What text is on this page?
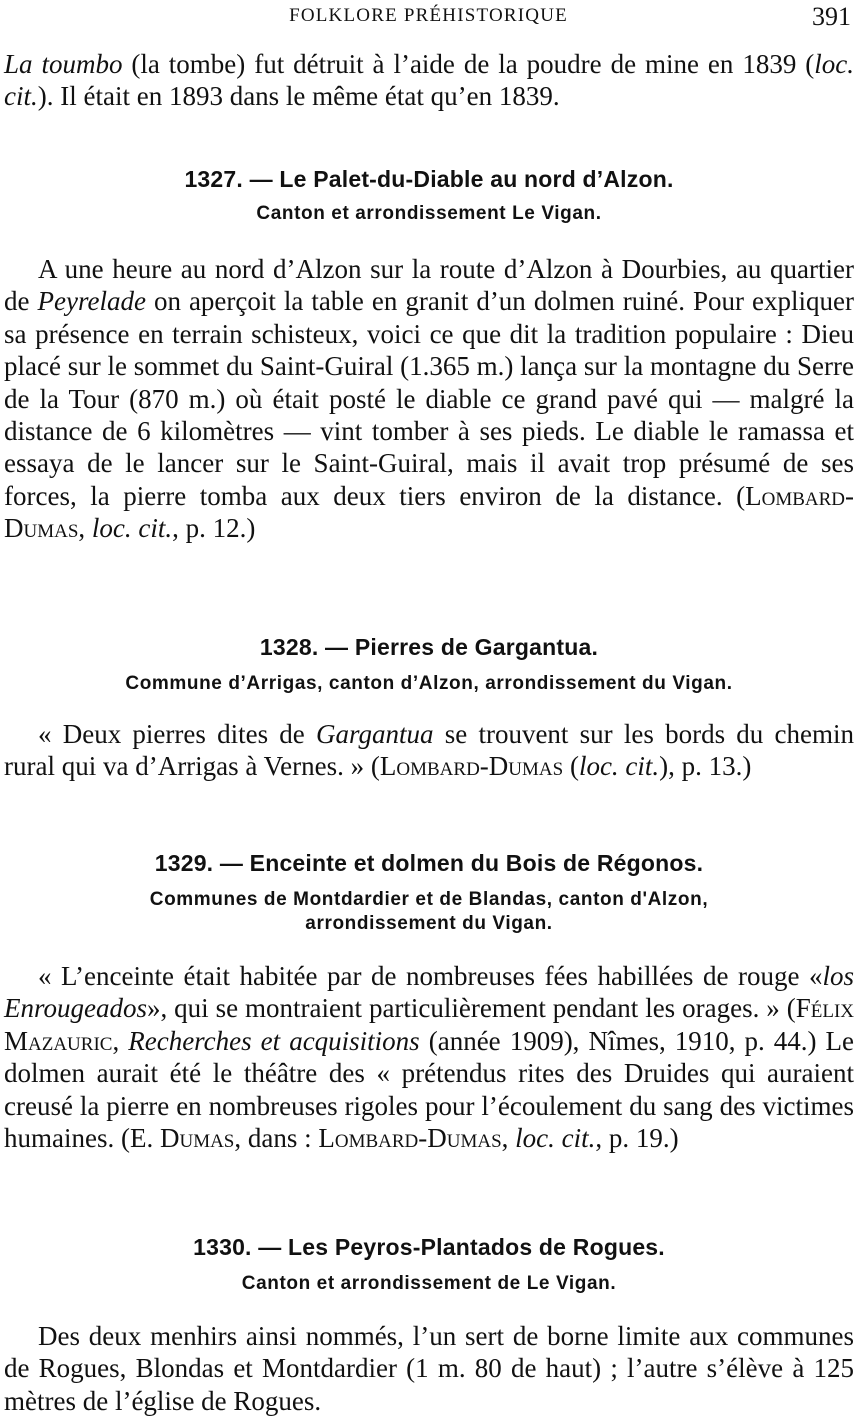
FOLKLORE PRÉHISTORIQUE	391

La toumbo (la tombe) fut détruit à l’aide de la poudre de mine en 1839 (loc. cit.). Il était en 1893 dans le même état qu’en 1839.

1327. — Le Palet-du-Diable au nord d’Alzon.

Canton et arrondissement Le Vigan.

A une heure au nord d’Alzon sur la route d’Alzon à Dourbies, au quartier de Peyrelade on aperçoit la table en granit d’un dolmen ruiné. Pour expliquer sa présence en terrain schisteux, voici ce que dit la tradition populaire : Dieu placé sur le sommet du Saint-Guiral (1.365 m.) lança sur la montagne du Serre de la Tour (870 m.) où était posté le diable ce grand pavé qui — malgré la distance de 6 kilomètres — vint tomber à ses pieds. Le diable le ramassa et essaya de le lancer sur le Saint-Guiral, mais il avait trop présumé de ses forces, la pierre tomba aux deux tiers environ de la distance. (Lombard-Dumas, loc. cit., p. 12.)

1328. — Pierres de Gargantua.

Commune d’Arrigas, canton d’Alzon, arrondissement du Vigan.

« Deux pierres dites de Gargantua se trouvent sur les bords du chemin rural qui va d’Arrigas à Vernes. » (Lombard-Dumas (loc. cit.), p. 13.)

1329. — Enceinte et dolmen du Bois de Régonos.

Communes de Montdardier et de Blandas, canton d'Alzon,

arrondissement du Vigan.

« L’enceinte était habitée par de nombreuses fées habillées de rouge «los Enrougeados», qui se montraient particulièrement pendant les orages. » (Félix Mazauric, Recherches et acquisitions (année 1909), Nîmes, 1910, p. 44.) Le dolmen aurait été le théâtre des « prétendus rites des Druides qui auraient creusé la pierre en nombreuses rigoles pour l’écoulement du sang des victimes humaines. (E. Dumas, dans : Lombard-Dumas, loc. cit., p. 19.)

1330. — Les Peyros-Plantados de Rogues.

Canton et arrondissement de Le Vigan.

Des deux menhirs ainsi nommés, l’un sert de borne limite aux communes de Rogues, Blondas et Montdardier (1 m. 80 de haut) ; l’autre s’élève à 125 mètres de l’église de Rogues.
